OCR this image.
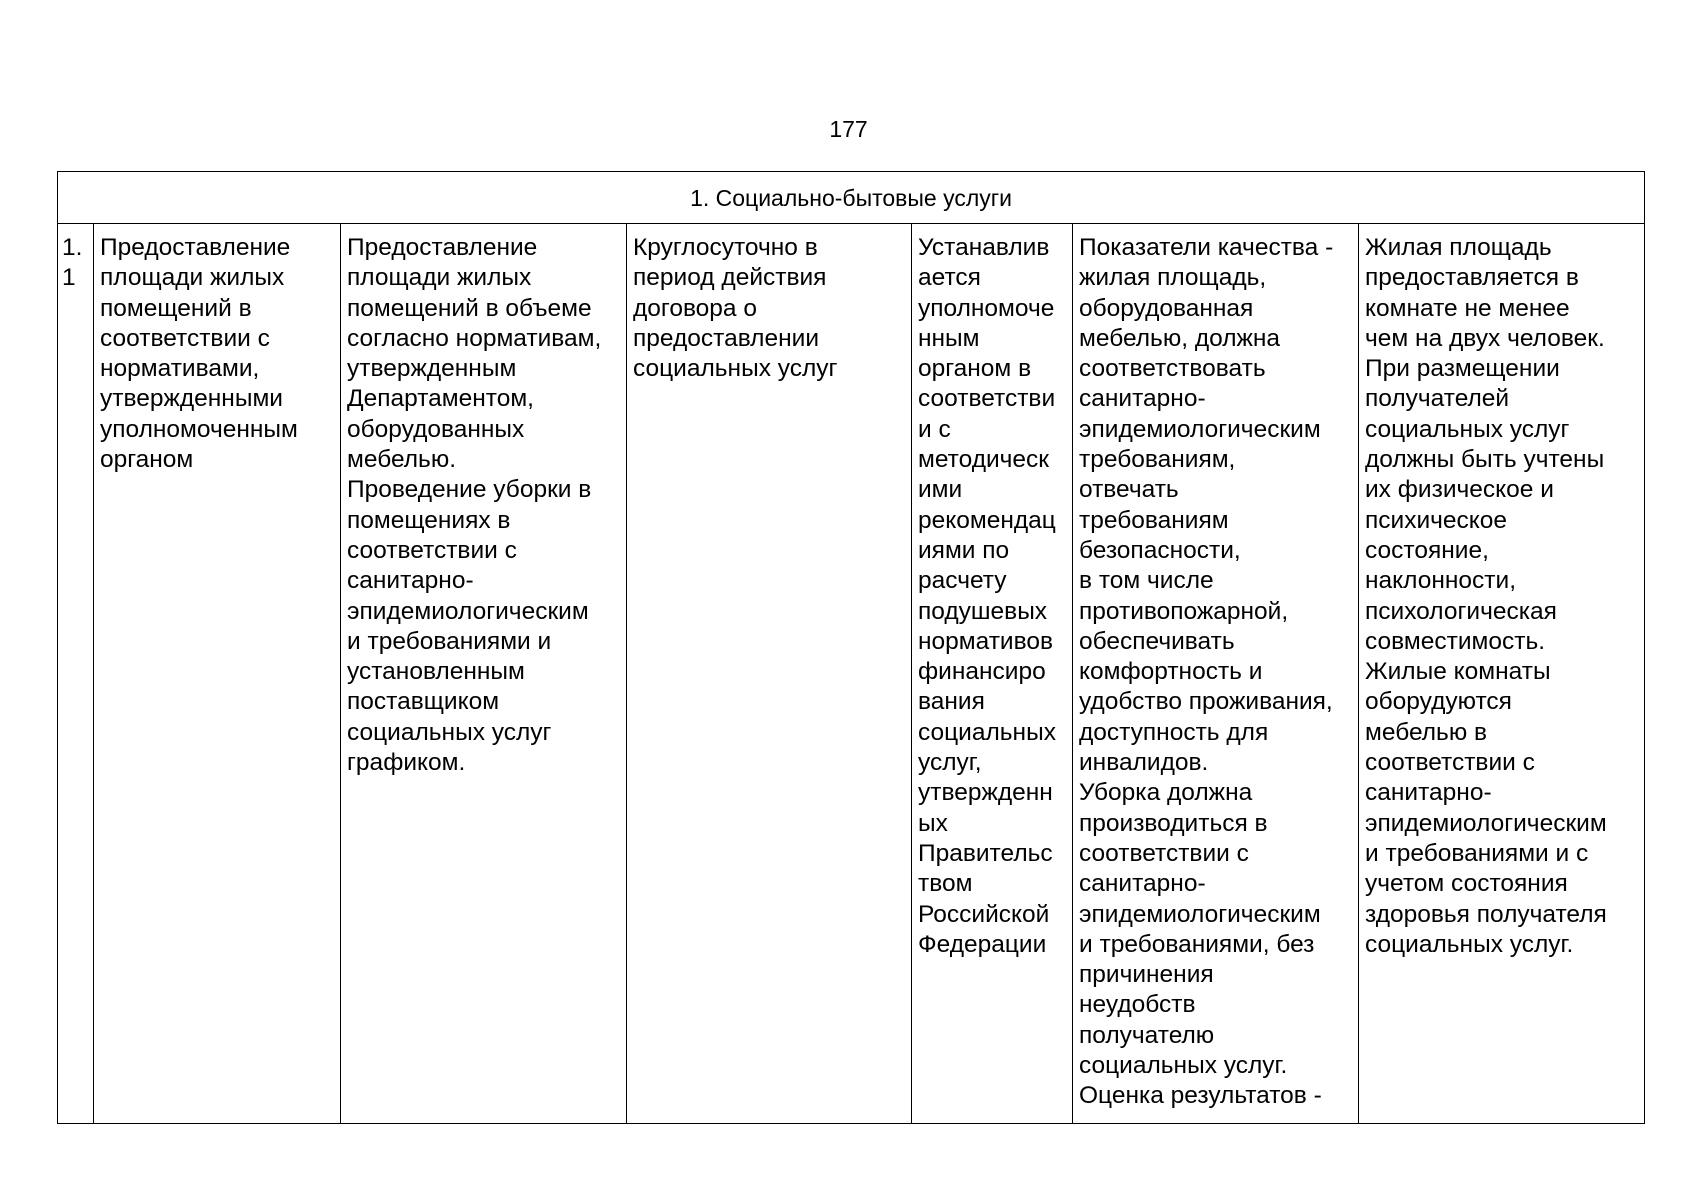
177
1. Социально-бытовые услуги

1.
1

Предоставление
площади жилых
помещений в
соответствии с
нормативами,
утвержденными
уполномоченным
органом

Предоставление
площади жилых
помещений в объеме
согласно нормативам,
утвержденным
Департаментом,
оборудованных
мебелью.
Проведение уборки в
помещениях в
соответствии с
санитарно-
эпидемиологическим
и требованиями и
установленным
поставщиком
социальных услуг
графиком.

Круглосуточно в
период действия
договора о
предоставлении
социальных услуг

Устанавлив
ается
уполномоче
нным
органом в
соответстви
и с
методическ
ими
рекомендац
иями по
расчету
подушевых
нормативов
финансиро
вания
социальных
услуг,
утвержденн
ых
Правительс
твом
Российской
Федерации

Показатели качества -
жилая площадь,
оборудованная
мебелью, должна
соответствовать
санитарно-
эпидемиологическим
требованиям,
отвечать
требованиям
безопасности,
в том числе
противопожарной,
обеспечивать
комфортность и
удобство проживания,
доступность для
инвалидов.
Уборка должна
производиться в
соответствии с
санитарно-
эпидемиологическим
и требованиями, без
причинения
неудобств
получателю
социальных услуг.
Оценка результатов -

Жилая площадь
предоставляется в
комнате не менее
чем на двух человек.
При размещении
получателей
социальных услуг
должны быть учтены
их физическое и
психическое
состояние,
наклонности,
психологическая
совместимость.
Жилые комнаты
оборудуются
мебелью в
соответствии с
санитарно-
эпидемиологическим
и требованиями и с
учетом состояния
здоровья получателя
социальных услуг.
